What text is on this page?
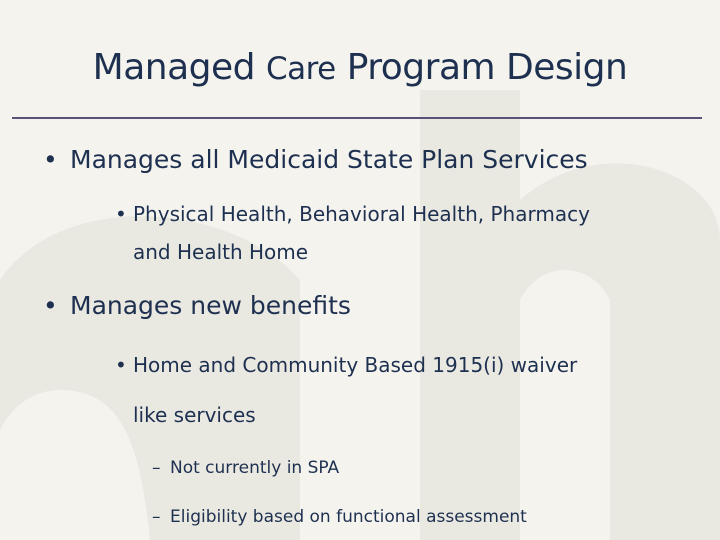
Managed Care Program Design
• Manages all Medicaid State Plan Services
• Physical Health, Behavioral Health, Pharmacy
and Health Home
• Manages new benefits
• Home and Community Based 1915(i) waiver
like services
– Not currently in SPA
– Eligibility based on functional assessment
